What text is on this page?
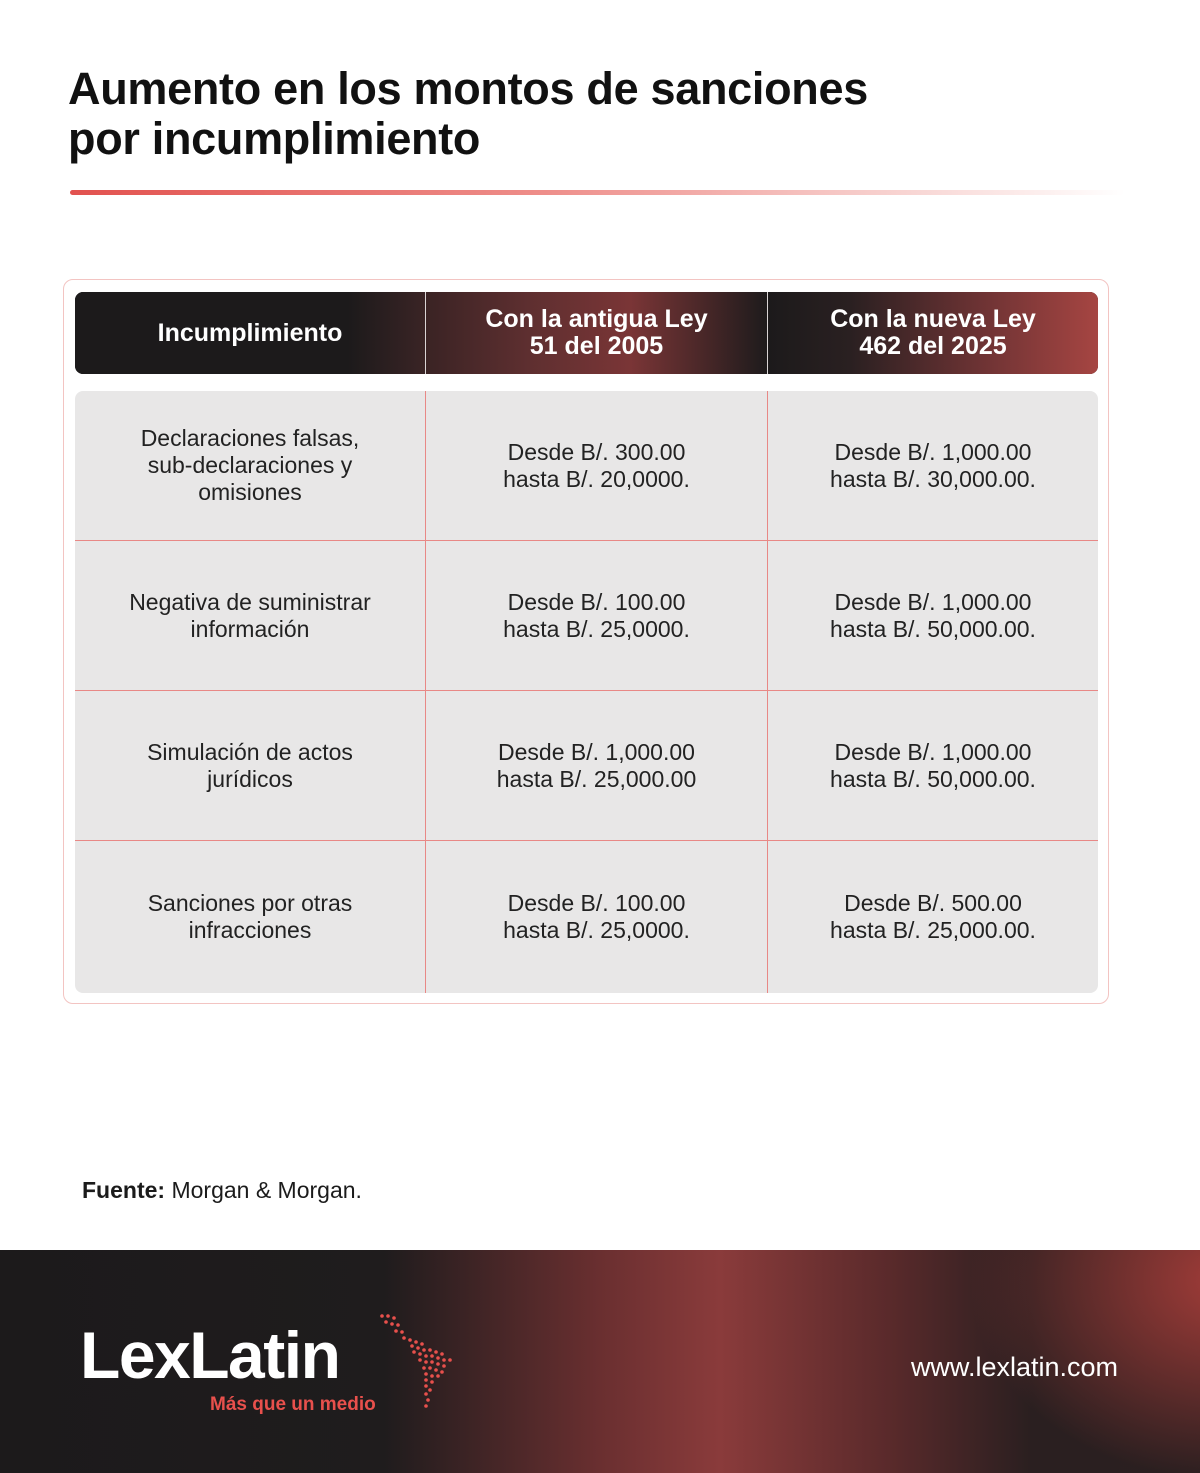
Aumento en los montos de sanciones
por incumplimiento
Incumplimiento	Con la antigua Ley
51 del 2005
Con la nueva Ley
462 del 2025
Declaraciones falsas,
sub-declaraciones y
omisiones
Desde B/. 300.00
hasta B/. 20,0000.
Desde B/. 1,000.00
hasta B/. 30,000.00.
Negativa de suministrar
información
Desde B/. 100.00
hasta B/. 25,0000.
Desde B/. 1,000.00
hasta B/. 50,000.00.
Simulación de actos
jurídicos
Desde B/. 1,000.00
hasta B/. 25,000.00
Desde B/. 1,000.00
hasta B/. 50,000.00.
Sanciones por otras
infracciones
Desde B/. 100.00
hasta B/. 25,0000.
Desde B/. 500.00
hasta B/. 25,000.00.
Fuente: Morgan & Morgan.
LexLatin
Más que un medio
www.lexlatin.com
